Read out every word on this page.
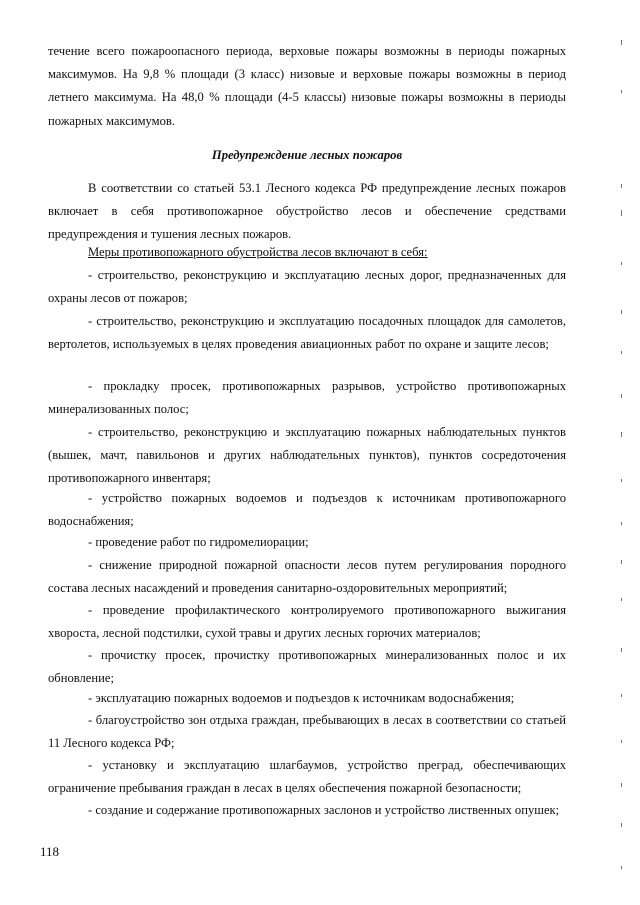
течение всего пожароопасного периода, верховые пожары возможны в периоды пожарных максимумов. На 9,8 % площади (3 класс) низовые и верховые пожары возможны в период летнего максимума. На 48,0 % площади (4-5 классы) низовые пожары возможны в периоды пожарных максимумов.

Предупреждение лесных пожаров

В соответствии со статьей 53.1 Лесного кодекса РФ предупреждение лесных пожаров включает в себя противопожарное обустройство лесов и обеспечение средствами предупреждения и тушения лесных пожаров.

Меры противопожарного обустройства лесов включают в себя:

- строительство, реконструкцию и эксплуатацию лесных дорог, предназначенных для охраны лесов от пожаров;

- строительство, реконструкцию и эксплуатацию посадочных площадок для самолетов, вертолетов, используемых в целях проведения авиационных работ по охране и защите лесов;

- прокладку просек, противопожарных разрывов, устройство противопожарных минерализованных полос;

- строительство, реконструкцию и эксплуатацию пожарных наблюдательных пунктов (вышек, мачт, павильонов и других наблюдательных пунктов), пунктов сосредоточения противопожарного инвентаря;

- устройство пожарных водоемов и подъездов к источникам противопожарного водоснабжения;

- проведение работ по гидромелиорации;

- снижение природной пожарной опасности лесов путем регулирования породного состава лесных насаждений и проведения санитарно-оздоровительных мероприятий;

- проведение профилактического контролируемого противопожарного выжигания хвороста, лесной подстилки, сухой травы и других лесных горючих материалов;

- прочистку просек, прочистку противопожарных минерализованных полос и их обновление;

- эксплуатацию пожарных водоемов и подъездов к источникам водоснабжения;

- благоустройство зон отдыха граждан, пребывающих в лесах в соответствии со статьей 11 Лесного кодекса РФ;

- установку и эксплуатацию шлагбаумов, устройство преград, обеспечивающих ограничение пребывания граждан в лесах в целях обеспечения пожарной безопасности;

- создание и содержание противопожарных заслонов и устройство лиственных опушек;

118
